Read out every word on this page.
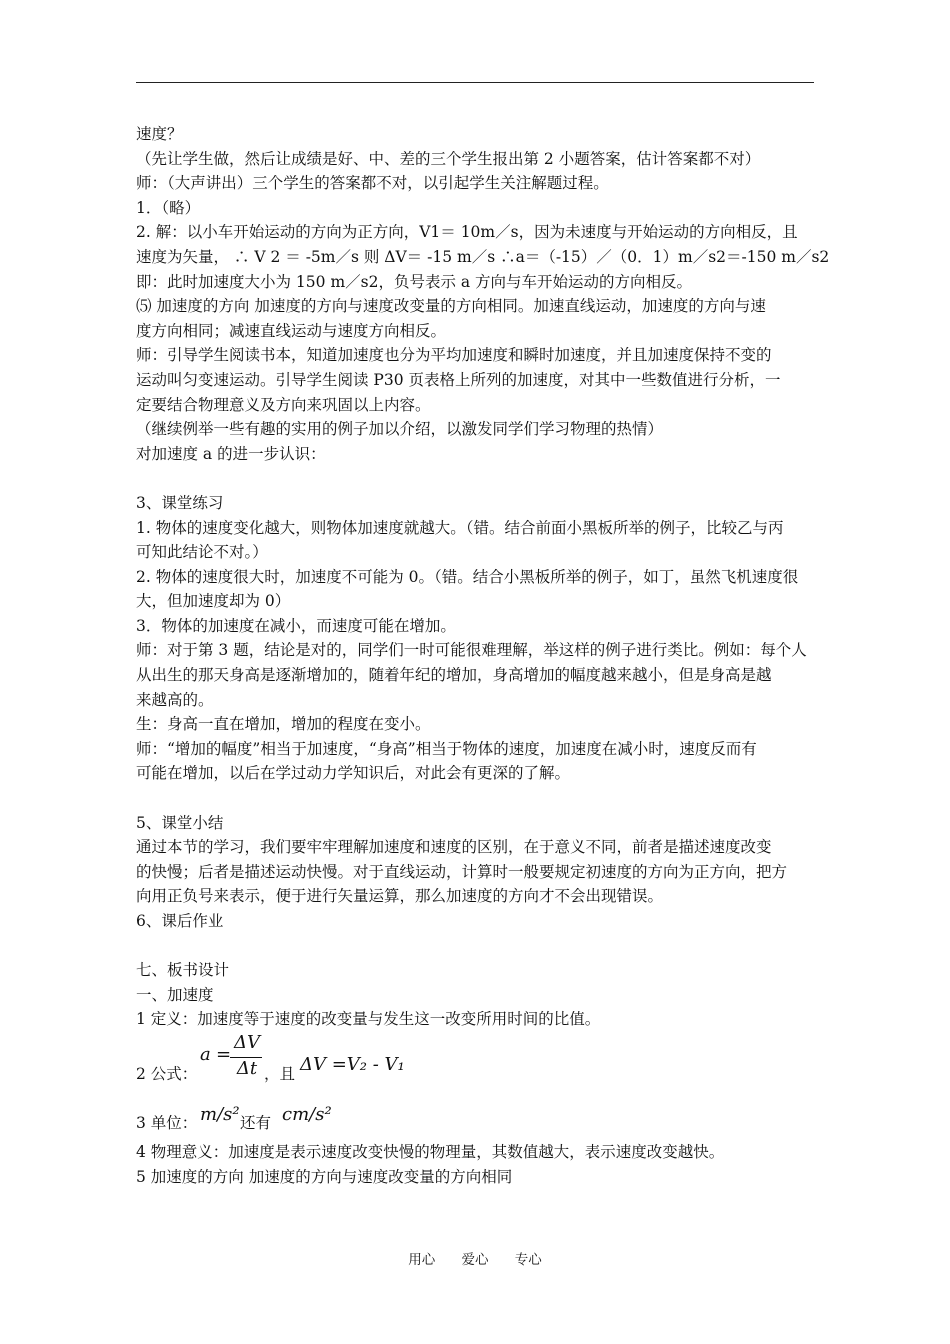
速度？
（先让学生做，然后让成绩是好、中、差的三个学生报出第 2 小题答案，估计答案都不对）
师：（大声讲出）三个学生的答案都不对，以引起学生关注解题过程。
1．（略）
2. 解：以小车开始运动的方向为正方向，V1＝ 10m／s，因为未速度与开始运动的方向相反，且
速度为矢量， ∴ V 2 ＝ -5m／s 则 ΔV＝ -15 m／s ∴a＝（-15）／（0．1）m／s2＝-150 m／s2
即：此时加速度大小为 150 m／s2，负号表示 a 方向与车开始运动的方向相反。
⑸ 加速度的方向 加速度的方向与速度改变量的方向相同。加速直线运动，加速度的方向与速
度方向相同；减速直线运动与速度方向相反。
师：引导学生阅读书本，知道加速度也分为平均加速度和瞬时加速度，并且加速度保持不变的
运动叫匀变速运动。引导学生阅读 P30 页表格上所列的加速度，对其中一些数值进行分析，一
定要结合物理意义及方向来巩固以上内容。
（继续例举一些有趣的实用的例子加以介绍，以激发同学们学习物理的热情）
对加速度 a 的进一步认识：
3、课堂练习
1. 物体的速度变化越大，则物体加速度就越大。（错。结合前面小黑板所举的例子，比较乙与丙
可知此结论不对。）
2. 物体的速度很大时，加速度不可能为 0。（错。结合小黑板所举的例子，如丁，虽然飞机速度很
大，但加速度却为 0）
3．物体的加速度在减小，而速度可能在增加。
师：对于第 3 题，结论是对的，同学们一时可能很难理解，举这样的例子进行类比。例如：每个人
从出生的那天身高是逐渐增加的，随着年纪的增加，身高增加的幅度越来越小，但是身高是越
来越高的。
生：身高一直在增加，增加的程度在变小。
师：“增加的幅度”相当于加速度，“身高”相当于物体的速度，加速度在减小时，速度反而有
可能在增加，以后在学过动力学知识后，对此会有更深的了解。
5、课堂小结
通过本节的学习，我们要牢牢理解加速度和速度的区别，在于意义不同，前者是描述速度改变
的快慢；后者是描述运动快慢。对于直线运动，计算时一般要规定初速度的方向为正方向，把方
向用正负号来表示，便于进行矢量运算，那么加速度的方向才不会出现错误。
6、课后作业
七、板书设计
一、加速度
1 定义：加速度等于速度的改变量与发生这一改变所用时间的比值。
2 公式：
a =
ΔV
Δt ，且 ΔV =V₂ - V₁
3 单位： m/s² 还有 cm/s²
4 物理意义：加速度是表示速度改变快慢的物理量，其数值越大，表示速度改变越快。
5 加速度的方向 加速度的方向与速度改变量的方向相同
用心 爱心 专心
